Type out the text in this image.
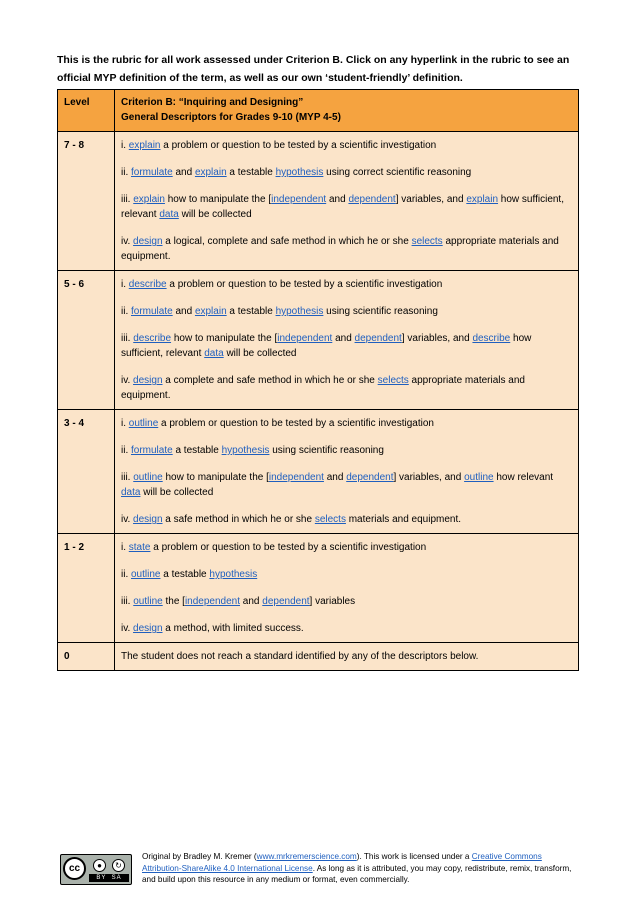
This is the rubric for all work assessed under Criterion B. Click on any hyperlink in the rubric to see an official MYP definition of the term, as well as our own ‘student-friendly’ definition.
Level	Criterion B: “Inquiring and Designing”
General Descriptors for Grades 9-10 (MYP 4-5)

7 - 8	i. explain a problem or question to be tested by a scientific investigation
ii. formulate and explain a testable hypothesis using correct scientific reasoning
iii. explain how to manipulate the [independent and dependent] variables, and explain how sufficient, relevant data will be collected
iv. design a logical, complete and safe method in which he or she selects appropriate materials and equipment.

5 - 6	i. describe a problem or question to be tested by a scientific investigation
ii. formulate and explain a testable hypothesis using scientific reasoning
iii. describe how to manipulate the [independent and dependent] variables, and describe how sufficient, relevant data will be collected
iv. design a complete and safe method in which he or she selects appropriate materials and equipment.

3 - 4	i. outline a problem or question to be tested by a scientific investigation
ii. formulate a testable hypothesis using scientific reasoning
iii. outline how to manipulate the [independent and dependent] variables, and outline how relevant data will be collected
iv. design a safe method in which he or she selects materials and equipment.

1 - 2	i. state a problem or question to be tested by a scientific investigation
ii. outline a testable hypothesis
iii. outline the [independent and dependent] variables
iv. design a method, with limited success.

0	The student does not reach a standard identified by any of the descriptors below.
cc	●	↻
BY SA
Original by Bradley M. Kremer (www.mrkremerscience.com). This work is licensed under a Creative Commons Attribution-ShareAlike 4.0 International License. As long as it is attributed, you may copy, redistribute, remix, transform, and build upon this resource in any medium or format, even commercially.
